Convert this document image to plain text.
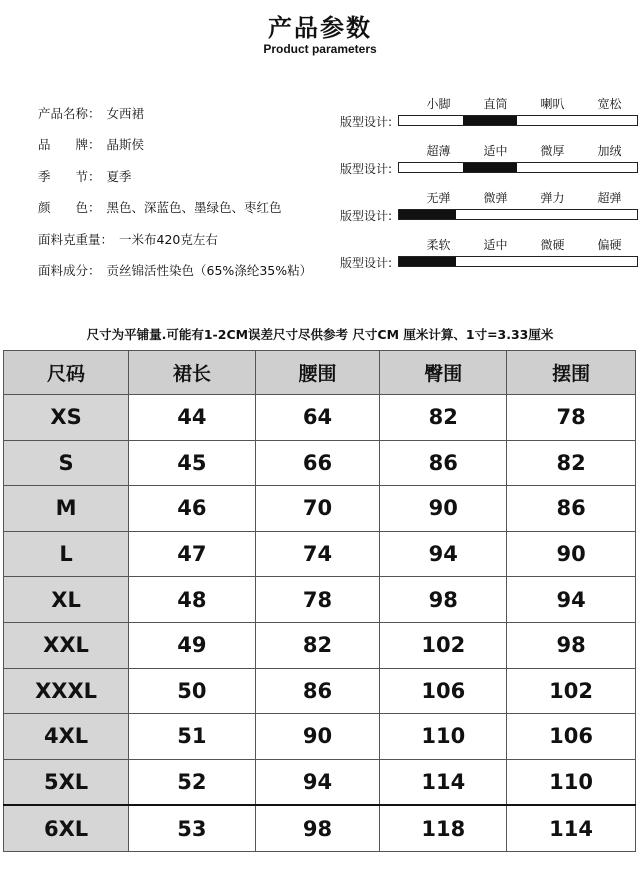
产品参数
Product parameters
产品名称 ： 女西裙
品　　牌 ： 晶斯侯
季　　节 ： 夏季
颜　　色 ： 黑色、深蓝色、墨绿色、枣红色
面料克重量 ： 一米布420克左右
面料成分 ： 贡丝锦活性染色（65%涤纶35%粘）
小脚	直筒	喇叭	宽松
版型设计:
超薄	适中	微厚	加绒
版型设计:
无弹	微弹	弹力	超弹
版型设计:
柔软	适中	微硬	偏硬
版型设计:
尺寸为平铺量.可能有1-2CM误差尺寸尽供参考 尺寸CM 厘米计算、1寸=3.33厘米
尺码	裙长	腰围	臀围	摆围
XS	44	64	82	78
S	45	66	86	82
M	46	70	90	86
L	47	74	94	90
XL	48	78	98	94
XXL	49	82	102	98
XXXL	50	86	106	102
4XL	51	90	110	106
5XL	52	94	114	110
6XL	53	98	118	114
